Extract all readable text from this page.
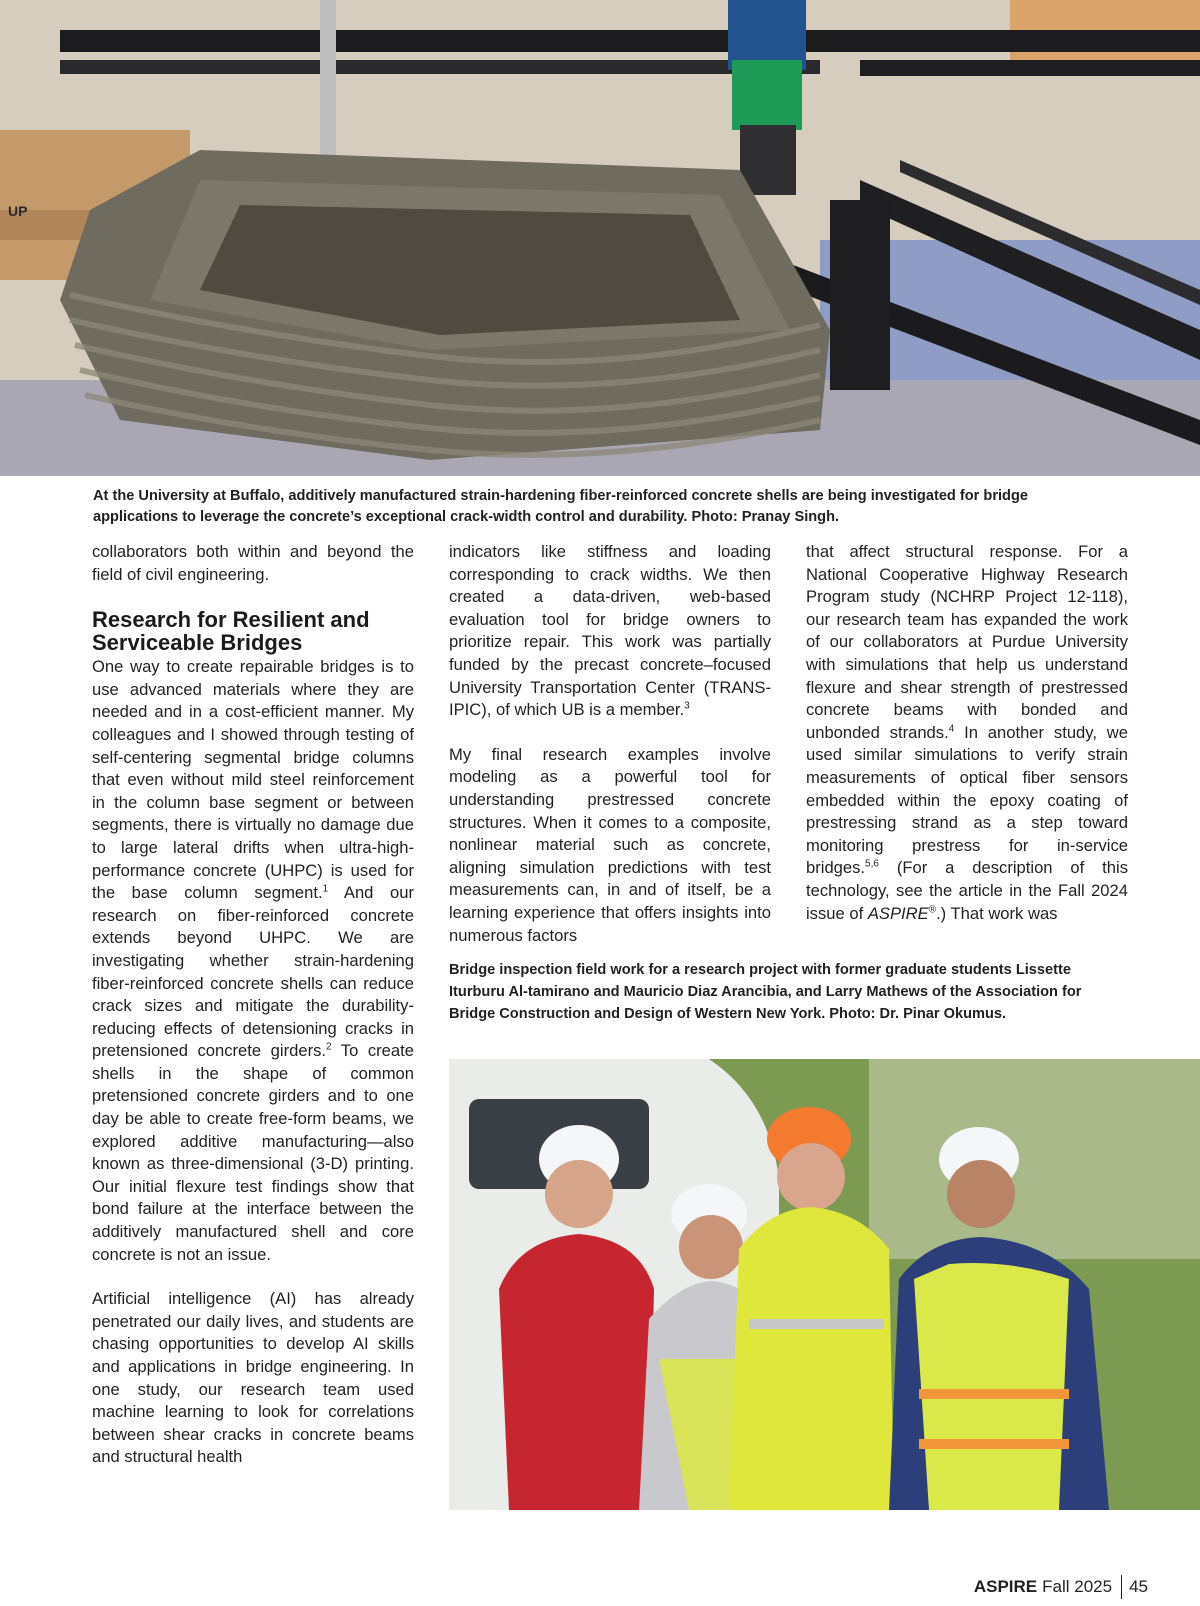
UP
At the University at Buffalo, additively manufactured strain-hardening fiber-reinforced concrete shells are being investigated for bridge applications to leverage the concrete’s exceptional crack-width control and durability. Photo: Pranay Singh.

collaborators both within and beyond the field of civil engineering.

Research for Resilient and Serviceable Bridges

One way to create repairable bridges is to use advanced materials where they are needed and in a cost-efficient manner. My colleagues and I showed through testing of self-centering segmental bridge columns that even without mild steel reinforcement in the column base segment or between segments, there is virtually no damage due to large lateral drifts when ultra-high-performance concrete (UHPC) is used for the base column segment.$^1$ And our research on fiber-reinforced concrete extends beyond UHPC. We are investigating whether strain-hardening fiber-reinforced concrete shells can reduce crack sizes and mitigate the durability-reducing effects of detensioning cracks in pretensioned concrete girders.$^2$ To create shells in the shape of common pretensioned concrete girders and to one day be able to create free-form beams, we explored additive manufacturing—also known as three-dimensional (3-D) printing. Our initial flexure test findings show that bond failure at the interface between the additively manufactured shell and core concrete is not an issue.

Artificial intelligence (AI) has already penetrated our daily lives, and students are chasing opportunities to develop AI skills and applications in bridge engineering. In one study, our research team used machine learning to look for correlations between shear cracks in concrete beams and structural health

indicators like stiffness and loading corresponding to crack widths. We then created a data-driven, web-based evaluation tool for bridge owners to prioritize repair. This work was partially funded by the precast concrete–focused University Transportation Center (TRANS-IPIC), of which UB is a member.$^3$

My final research examples involve modeling as a powerful tool for understanding prestressed concrete structures. When it comes to a composite, nonlinear material such as concrete, aligning simulation predictions with test measurements can, in and of itself, be a learning experience that offers insights into numerous factors

that affect structural response. For a National Cooperative Highway Research Program study (NCHRP Project 12-118), our research team has expanded the work of our collaborators at Purdue University with simulations that help us understand flexure and shear strength of prestressed concrete beams with bonded and unbonded strands.$^4$ In another study, we used similar simulations to verify strain measurements of optical fiber sensors embedded within the epoxy coating of prestressing strand as a step toward monitoring prestress for in-service bridges.$^{5,6}$ (For a description of this technology, see the article in the Fall 2024 issue of ASPIRE®.) That work was

Bridge inspection field work for a research project with former graduate students Lissette Iturburu Al-tamirano and Mauricio Diaz Arancibia, and Larry Mathews of the Association for Bridge Construction and Design of Western New York. Photo: Dr. Pinar Okumus.
ASPIRE Fall 2025 45
